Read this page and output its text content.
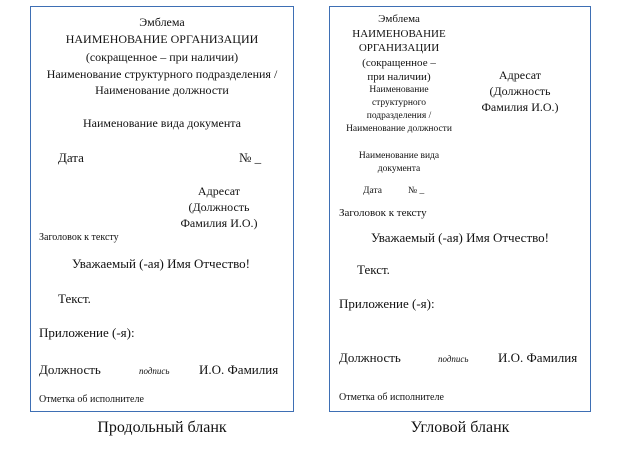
Эмблема
НАИМЕНОВАНИЕ ОРГАНИЗАЦИИ
(сокращенное – при наличии)
Наименование структурного подразделения /
Наименование должности
Наименование вида документа
Дата	№ _
Адресат
(Должность
Фамилия И.О.)
Заголовок к тексту
Уважаемый (-ая) Имя Отчество!
Текст.
Приложение (-я):
Должность	подпись И.О. Фамилия
Отметка об исполнителе
Продольный бланк
Эмблема
НАИМЕНОВАНИЕ
ОРГАНИЗАЦИИ
(сокращенное –
при наличии)
Наименование
структурного
подразделения /
Наименование должности
Наименование вида
документа
Дата	№ _
Адресат
(Должность
Фамилия И.О.)
Заголовок к тексту
Уважаемый (-ая) Имя Отчество!
Текст.
Приложение (-я):
Должность	подпись И.О. Фамилия
Отметка об исполнителе
Угловой бланк
